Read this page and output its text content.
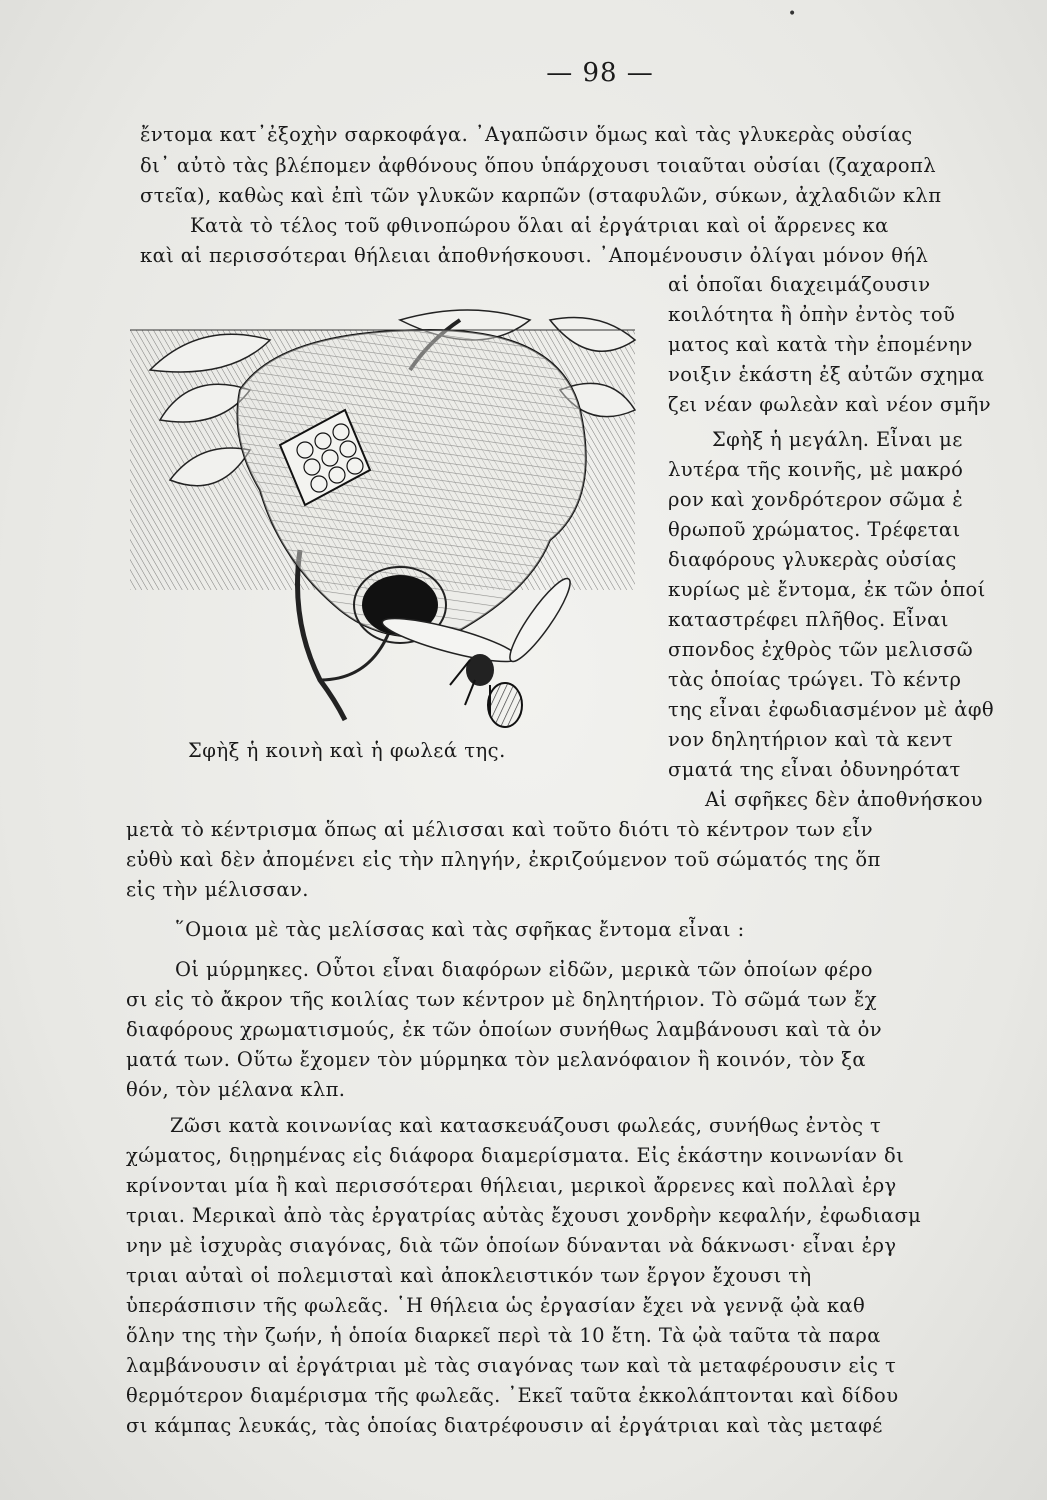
•
— 98 —
ἔντομα κατ᾽ἐξοχὴν σαρκοφάγα. ᾽Αγαπῶσιν ὅμως καὶ τὰς γλυκερὰς οὐσίας
δι᾽ αὐτὸ τὰς βλέπομεν ἀφθόνους ὅπου ὑπάρχουσι τοιαῦται οὐσίαι (ζαχαροπλ
στεῖα), καθὼς καὶ ἐπὶ τῶν γλυκῶν καρπῶν (σταφυλῶν, σύκων, ἀχλαδιῶν κλπ
Κατὰ τὸ τέλος τοῦ φθινοπώρου ὅλαι αἱ ἐργάτριαι καὶ οἱ ἄρρενες κα
καὶ αἱ περισσότεραι θήλειαι ἀποθνήσκουσι. ᾽Απομένουσιν ὀλίγαι μόνον θήλ
αἱ ὁποῖαι διαχειμάζουσιν
κοιλότητα ἢ ὀπὴν ἐντὸς τοῦ
ματος καὶ κατὰ τὴν ἐπομένην
νοιξιν ἑκάστη ἐξ αὐτῶν σχημα
ζει νέαν φωλεὰν καὶ νέον σμῆν
Σφὴξ ἡ μεγάλη. Εἶναι με
λυτέρα τῆς κοινῆς, μὲ μακρό
ρον καὶ χονδρότερον σῶμα ἐ
θρωποῦ χρώματος. Τρέφεται
διαφόρους γλυκερὰς οὐσίας
κυρίως μὲ ἔντομα, ἐκ τῶν ὁποί
καταστρέφει πλῆθος. Εἶναι
σπονδος ἐχθρὸς τῶν μελισσῶ
τὰς ὁποίας τρώγει. Τὸ κέντρ
της εἶναι ἐφωδιασμένον μὲ ἀφθ
νον δηλητήριον καὶ τὰ κεντ
σματά της εἶναι ὀδυνηρότατ
Αἱ σφῆκες δὲν ἀποθνήσκου
Σφὴξ ἡ κοινὴ καὶ ἡ φωλεά της.
μετὰ τὸ κέντρισμα ὅπως αἱ μέλισσαι καὶ τοῦτο διότι τὸ κέντρον των εἶν
εὐθὺ καὶ δὲν ἀπομένει εἰς τὴν πληγήν, ἐκριζούμενον τοῦ σώματός της ὅπ
εἰς τὴν μέλισσαν.
῞Ομοια μὲ τὰς μελίσσας καὶ τὰς σφῆκας ἔντομα εἶναι :
Οἱ μύρμηκες. Οὗτοι εἶναι διαφόρων εἰδῶν, μερικὰ τῶν ὁποίων φέρο
σι εἰς τὸ ἄκρον τῆς κοιλίας των κέντρον μὲ δηλητήριον. Τὸ σῶμά των ἔχ
διαφόρους χρωματισμούς, ἐκ τῶν ὁποίων συνήθως λαμβάνουσι καὶ τὰ ὀν
ματά των. Οὕτω ἔχομεν τὸν μύρμηκα τὸν μελανόφαιον ἢ κοινόν, τὸν ξα
θόν, τὸν μέλανα κλπ.
Ζῶσι κατὰ κοινωνίας καὶ κατασκευάζουσι φωλεάς, συνήθως ἐντὸς τ
χώματος, διῃρημένας εἰς διάφορα διαμερίσματα. Εἰς ἑκάστην κοινωνίαν δι
κρίνονται μία ἢ καὶ περισσότεραι θήλειαι, μερικοὶ ἄρρενες καὶ πολλαὶ ἐργ
τριαι. Μερικαὶ ἀπὸ τὰς ἐργατρίας αὐτὰς ἔχουσι χονδρὴν κεφαλήν, ἐφωδιασμ
νην μὲ ἰσχυρὰς σιαγόνας, διὰ τῶν ὁποίων δύνανται νὰ δάκνωσι· εἶναι ἐργ
τριαι αὐταὶ οἱ πολεμισταὶ καὶ ἀποκλειστικόν των ἔργον ἔχουσι τὴ
ὑπεράσπισιν τῆς φωλεᾶς. ῾Η θήλεια ὡς ἐργασίαν ἔχει νὰ γεννᾷ ᾠὰ καθ
ὅλην της τὴν ζωήν, ἡ ὁποία διαρκεῖ περὶ τὰ 10 ἔτη. Τὰ ᾠὰ ταῦτα τὰ παρα
λαμβάνουσιν αἱ ἐργάτριαι μὲ τὰς σιαγόνας των καὶ τὰ μεταφέρουσιν εἰς τ
θερμότερον διαμέρισμα τῆς φωλεᾶς. ᾽Εκεῖ ταῦτα ἐκκολάπτονται καὶ δίδου
σι κάμπας λευκάς, τὰς ὁποίας διατρέφουσιν αἱ ἐργάτριαι καὶ τὰς μεταφέ
